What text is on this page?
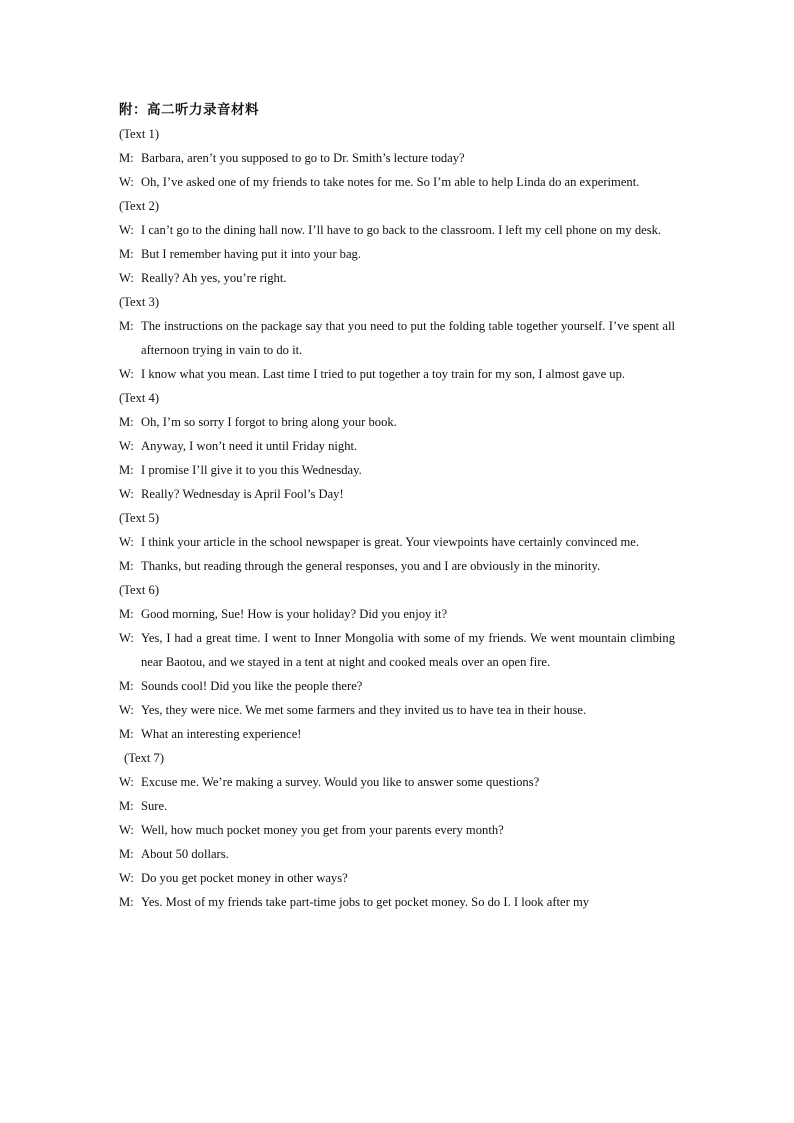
附：高二听力录音材料
(Text 1)
M: Barbara, aren’t you supposed to go to Dr. Smith’s lecture today?
W: Oh, I’ve asked one of my friends to take notes for me. So I’m able to help Linda do an experiment.
(Text 2)
W: I can’t go to the dining hall now. I’ll have to go back to the classroom. I left my cell phone on my desk.
M: But I remember having put it into your bag.
W: Really? Ah yes, you’re right.
(Text 3)
M: The instructions on the package say that you need to put the folding table together yourself. I’ve spent all afternoon trying in vain to do it.
W: I know what you mean. Last time I tried to put together a toy train for my son, I almost gave up.
(Text 4)
M: Oh, I’m so sorry I forgot to bring along your book.
W: Anyway, I won’t need it until Friday night.
M: I promise I’ll give it to you this Wednesday.
W: Really? Wednesday is April Fool’s Day!
(Text 5)
W: I think your article in the school newspaper is great. Your viewpoints have certainly convinced me.
M: Thanks, but reading through the general responses, you and I are obviously in the minority.
(Text 6)
M: Good morning, Sue! How is your holiday? Did you enjoy it?
W: Yes, I had a great time. I went to Inner Mongolia with some of my friends. We went mountain climbing near Baotou, and we stayed in a tent at night and cooked meals over an open fire.
M: Sounds cool! Did you like the people there?
W: Yes, they were nice. We met some farmers and they invited us to have tea in their house.
M: What an interesting experience!
(Text 7)
W: Excuse me. We’re making a survey. Would you like to answer some questions?
M: Sure.
W: Well, how much pocket money you get from your parents every month?
M: About 50 dollars.
W: Do you get pocket money in other ways?
M: Yes. Most of my friends take part-time jobs to get pocket money. So do I. I look after my
